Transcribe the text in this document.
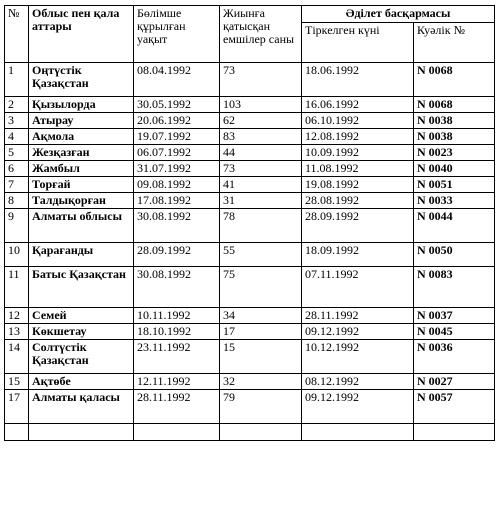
№	Облыс пен қала аттары	Бөлімше құрылған уақыт	Жиынға қатысқан емшілер саны	Әділет басқармасы	
				Тіркелген күні	Куәлік №
1	Оңтүстік Қазақстан	08.04.1992	73	18.06.1992	N 0068
2	Қызылорда	30.05.1992	103	16.06.1992	N 0068
3	Атырау	20.06.1992	62	06.10.1992	N 0038
4	Ақмола	19.07.1992	83	12.08.1992	N 0038
5	Жезқазған	06.07.1992	44	10.09.1992	N 0023
6	Жамбыл	31.07.1992	73	11.08.1992	N 0040
7	Торғай	09.08.1992	41	19.08.1992	N 0051
8	Талдықорған	17.08.1992	31	28.08.1992	N 0033
9	Алматы облысы	30.08.1992	78	28.09.1992	N 0044
10	Қарағанды	28.09.1992	55	18.09.1992	N 0050
11	Батыс Қазақстан	30.08.1992	75	07.11.1992	N 0083
12	Семей	10.11.1992	34	28.11.1992	N 0037
13	Көкшетау	18.10.1992	17	09.12.1992	N 0045
14	Солтүстік Қазақстан	23.11.1992	15	10.12.1992	N 0036
15	Ақтөбе	12.11.1992	32	08.12.1992	N 0027
17	Алматы қаласы	28.11.1992	79	09.12.1992	N 0057
